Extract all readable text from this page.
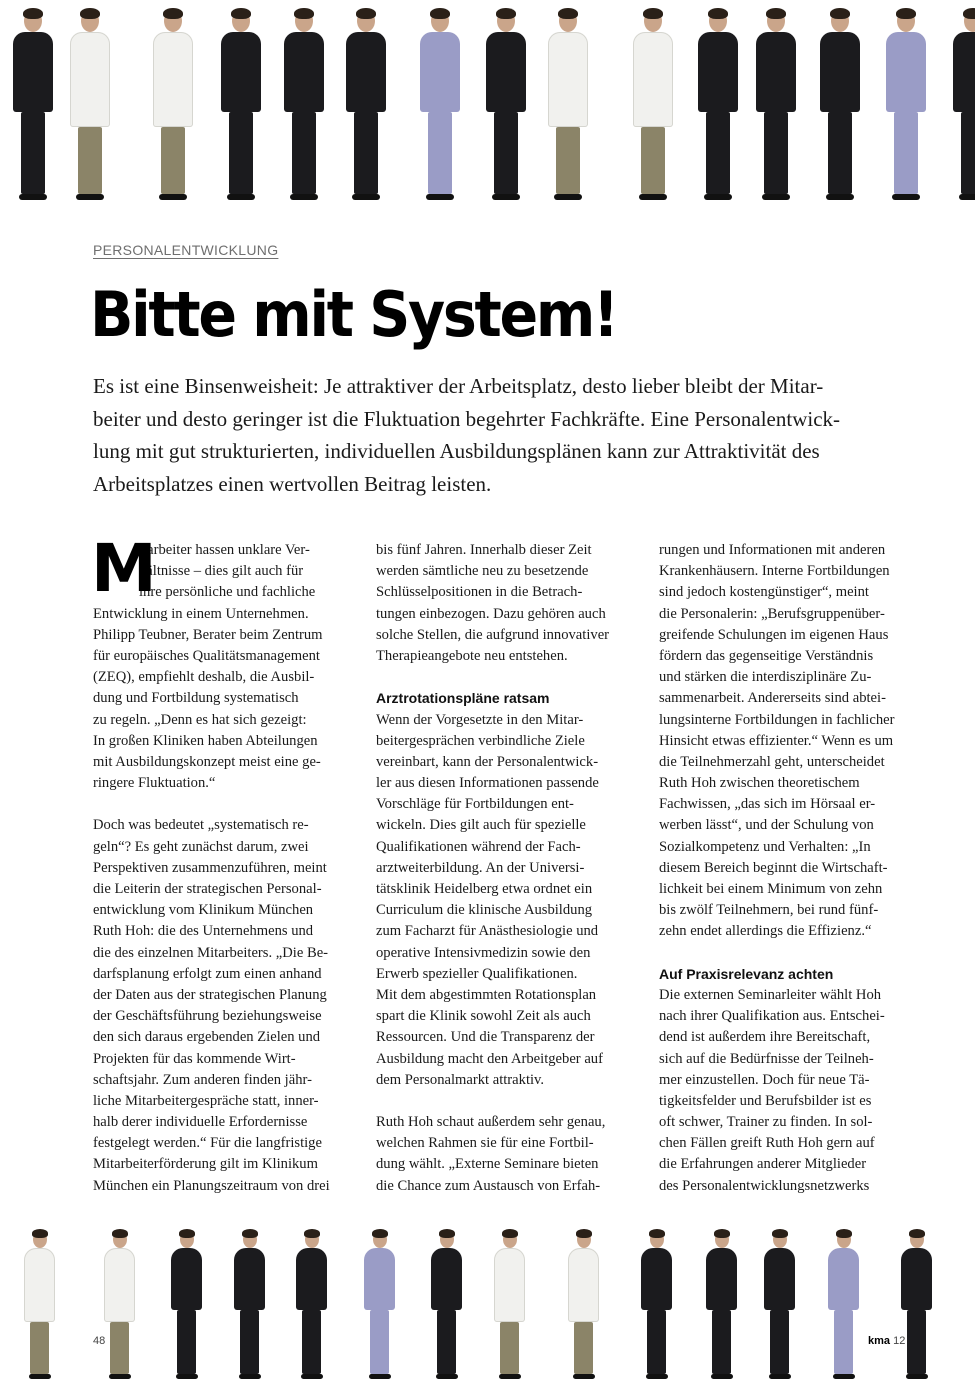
PERSONALENTWICKLUNG
Bitte mit System!
Es ist eine Binsenweisheit: Je attraktiver der Arbeitsplatz, desto lieber bleibt der Mitar-
beiter und desto geringer ist die Fluktuation begehrter Fachkräfte. Eine Personalentwick-
lung mit gut strukturierten, individuellen Ausbildungsplänen kann zur Attraktivität des
Arbeitsplatzes einen wertvollen Beitrag leisten.
M
itarbeiter hassen unklare Ver-
hältnisse – dies gilt auch für
ihre persönliche und fachliche
Entwicklung in einem Unternehmen.
Philipp Teubner, Berater beim Zentrum
für europäisches Qualitätsmanagement
(ZEQ), empfiehlt deshalb, die Ausbil-
dung und Fortbildung systematisch
zu regeln. „Denn es hat sich gezeigt:
In großen Kliniken haben Abteilungen
mit Ausbildungskonzept meist eine ge-
ringere Fluktuation.“
Doch was bedeutet „systematisch re-
geln“? Es geht zunächst darum, zwei
Perspektiven zusammenzuführen, meint
die Leiterin der strategischen Personal-
entwicklung vom Klinikum München
Ruth Hoh: die des Unternehmens und
die des einzelnen Mitarbeiters. „Die Be-
darfsplanung erfolgt zum einen anhand
der Daten aus der strategischen Planung
der Geschäftsführung beziehungsweise
den sich daraus ergebenden Zielen und
Projekten für das kommende Wirt-
schaftsjahr. Zum anderen finden jähr-
liche Mitarbeitergespräche statt, inner-
halb derer individuelle Erfordernisse
festgelegt werden.“ Für die langfristige
Mitarbeiterförderung gilt im Klinikum
München ein Planungszeitraum von drei
bis fünf Jahren. Innerhalb dieser Zeit
werden sämtliche neu zu besetzende
Schlüsselpositionen in die Betrach-
tungen einbezogen. Dazu gehören auch
solche Stellen, die aufgrund innovativer
Therapieangebote neu entstehen.
Arztrotationspläne ratsam
Wenn der Vorgesetzte in den Mitar-
beitergesprächen verbindliche Ziele
vereinbart, kann der Personalentwick-
ler aus diesen Informationen passende
Vorschläge für Fortbildungen ent-
wickeln. Dies gilt auch für spezielle
Qualifikationen während der Fach-
arztweiterbildung. An der Universi-
tätsklinik Heidelberg etwa ordnet ein
Curriculum die klinische Ausbildung
zum Facharzt für Anästhesiologie und
operative Intensivmedizin sowie den
Erwerb spezieller Qualifikationen.
Mit dem abgestimmten Rotationsplan
spart die Klinik sowohl Zeit als auch
Ressourcen. Und die Transparenz der
Ausbildung macht den Arbeitgeber auf
dem Personalmarkt attraktiv.
Ruth Hoh schaut außerdem sehr genau,
welchen Rahmen sie für eine Fortbil-
dung wählt. „Externe Seminare bieten
die Chance zum Austausch von Erfah-
rungen und Informationen mit anderen
Krankenhäusern. Interne Fortbildungen
sind jedoch kostengünstiger“, meint
die Personalerin: „Berufsgruppenüber-
greifende Schulungen im eigenen Haus
fördern das gegenseitige Verständnis
und stärken die interdisziplinäre Zu-
sammenarbeit. Andererseits sind abtei-
lungsinterne Fortbildungen in fachlicher
Hinsicht etwas effizienter.“ Wenn es um
die Teilnehmerzahl geht, unterscheidet
Ruth Hoh zwischen theoretischem
Fachwissen, „das sich im Hörsaal er-
werben lässt“, und der Schulung von
Sozialkompetenz und Verhalten: „In
diesem Bereich beginnt die Wirtschaft-
lichkeit bei einem Minimum von zehn
bis zwölf Teilnehmern, bei rund fünf-
zehn endet allerdings die Effizienz.“
Auf Praxisrelevanz achten
Die externen Seminarleiter wählt Hoh
nach ihrer Qualifikation aus. Entschei-
dend ist außerdem ihre Bereitschaft,
sich auf die Bedürfnisse der Teilneh-
mer einzustellen. Doch für neue Tä-
tigkeitsfelder und Berufsbilder ist es
oft schwer, Trainer zu finden. In sol-
chen Fällen greift Ruth Hoh gern auf
die Erfahrungen anderer Mitglieder
des Personalentwicklungsnetzwerks
48	kma 12
